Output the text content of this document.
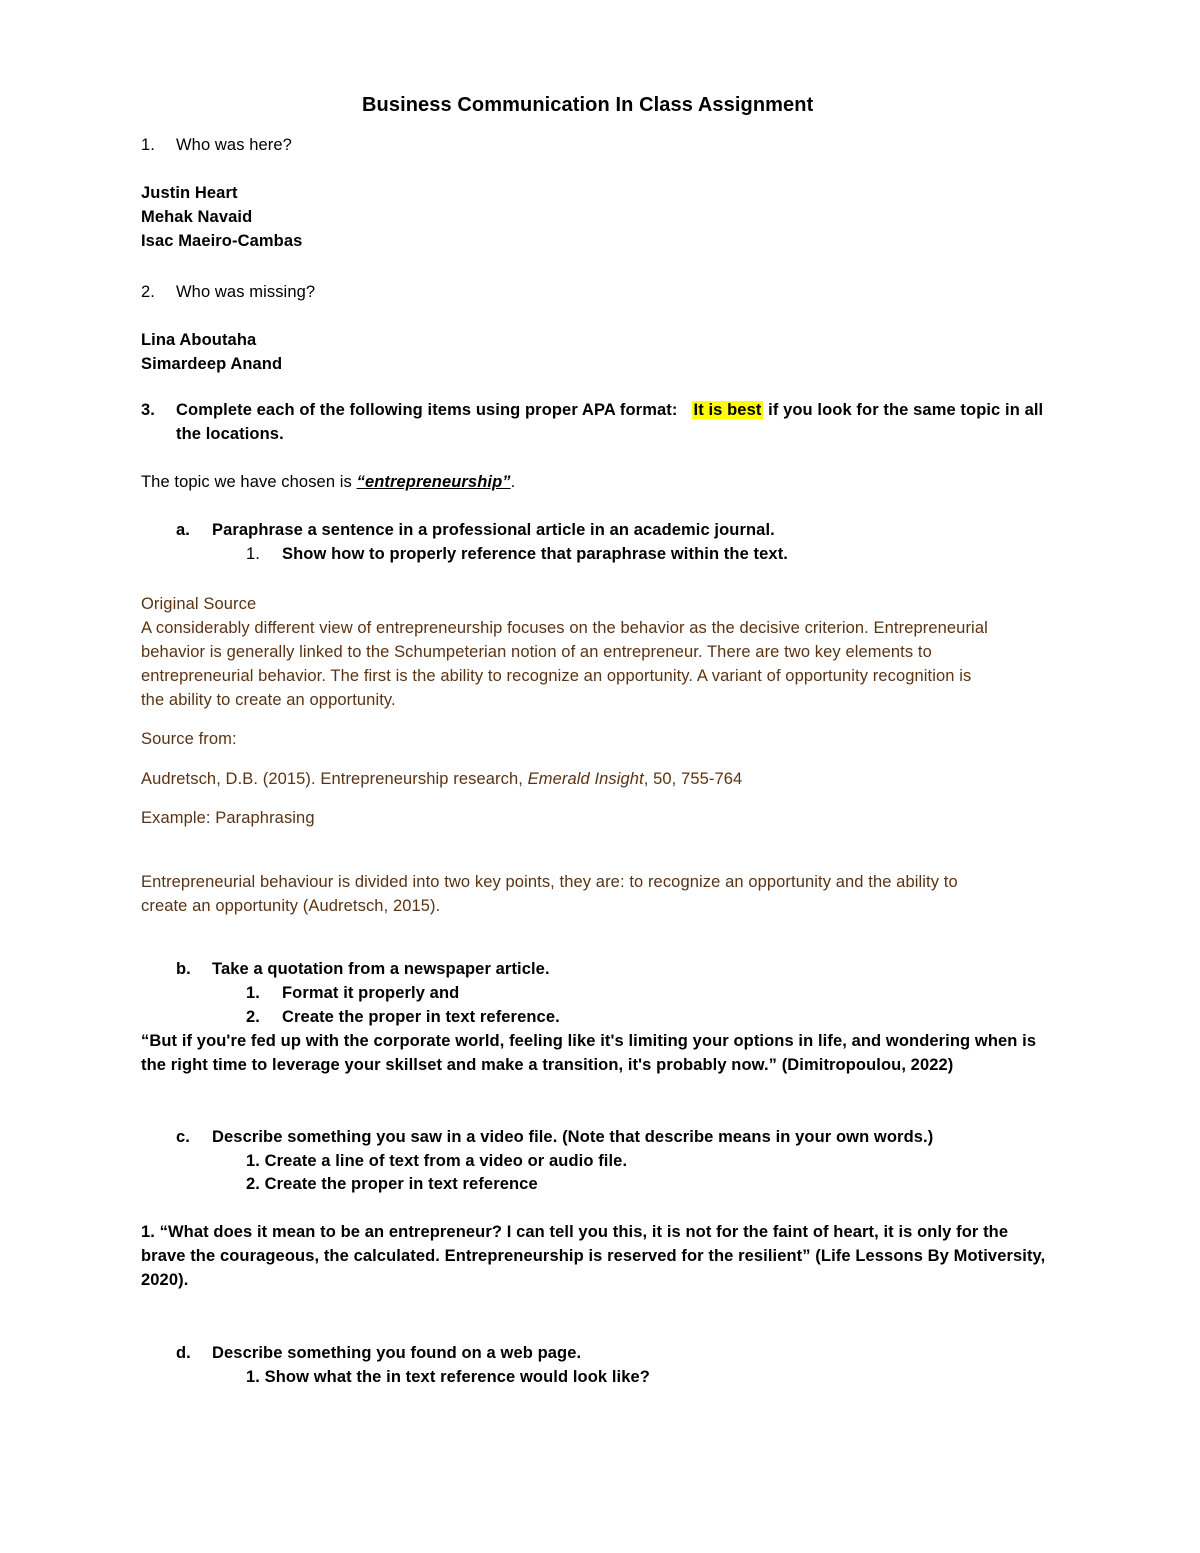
Business Communication In Class Assignment
1. Who was here?
Justin Heart
Mehak Navaid
Isac Maeiro-Cambas
2. Who was missing?
Lina Aboutaha
Simardeep Anand
3. Complete each of the following items using proper APA format: It is best if you look for the same topic in all
the locations.
The topic we have chosen is “entrepreneurship”.
a. Paraphrase a sentence in a professional article in an academic journal.
1. Show how to properly reference that paraphrase within the text.
Original Source
A considerably different view of entrepreneurship focuses on the behavior as the decisive criterion. Entrepreneurial
behavior is generally linked to the Schumpeterian notion of an entrepreneur. There are two key elements to
entrepreneurial behavior. The first is the ability to recognize an opportunity. A variant of opportunity recognition is
the ability to create an opportunity.
Source from:
Audretsch, D.B. (2015). Entrepreneurship research, Emerald Insight, 50, 755-764
Example: Paraphrasing
Entrepreneurial behaviour is divided into two key points, they are: to recognize an opportunity and the ability to
create an opportunity (Audretsch, 2015).
b. Take a quotation from a newspaper article.
1. Format it properly and
2. Create the proper in text reference.
“But if you're fed up with the corporate world, feeling like it's limiting your options in life, and wondering when is
the right time to leverage your skillset and make a transition, it's probably now.” (Dimitropoulou, 2022)
c. Describe something you saw in a video file. (Note that describe means in your own words.)
1. Create a line of text from a video or audio file.
2. Create the proper in text reference
1. “What does it mean to be an entrepreneur? I can tell you this, it is not for the faint of heart, it is only for the
brave the courageous, the calculated. Entrepreneurship is reserved for the resilient” (Life Lessons By Motiversity,
2020).
d. Describe something you found on a web page.
1. Show what the in text reference would look like?
